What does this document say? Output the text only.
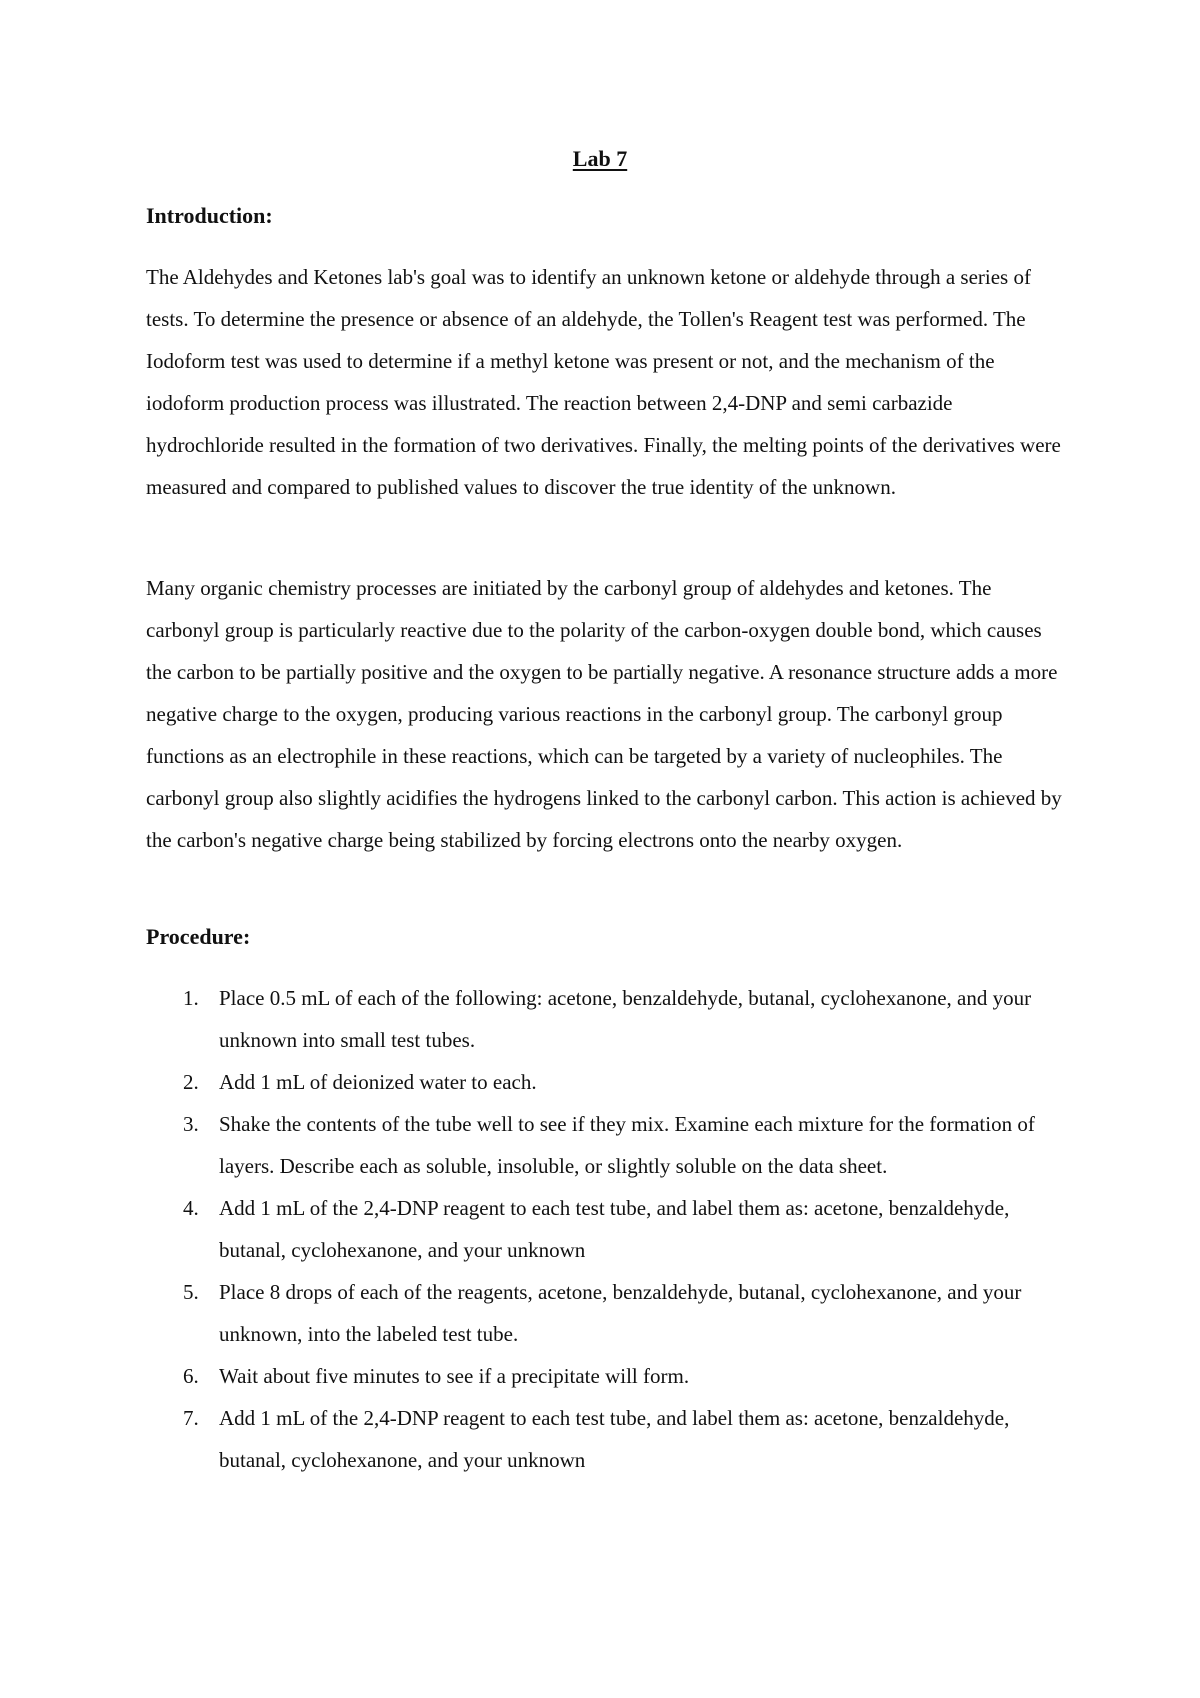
Lab 7
Introduction:

The Aldehydes and Ketones lab's goal was to identify an unknown ketone or aldehyde through a series of tests. To determine the presence or absence of an aldehyde, the Tollen's Reagent test was performed. The Iodoform test was used to determine if a methyl ketone was present or not, and the mechanism of the iodoform production process was illustrated. The reaction between 2,4-DNP and semi carbazide hydrochloride resulted in the formation of two derivatives. Finally, the melting points of the derivatives were measured and compared to published values to discover the true identity of the unknown.

Many organic chemistry processes are initiated by the carbonyl group of aldehydes and ketones. The carbonyl group is particularly reactive due to the polarity of the carbon-oxygen double bond, which causes the carbon to be partially positive and the oxygen to be partially negative. A resonance structure adds a more negative charge to the oxygen, producing various reactions in the carbonyl group. The carbonyl group functions as an electrophile in these reactions, which can be targeted by a variety of nucleophiles. The carbonyl group also slightly acidifies the hydrogens linked to the carbonyl carbon. This action is achieved by the carbon's negative charge being stabilized by forcing electrons onto the nearby oxygen.

Procedure:
1. Place 0.5 mL of each of the following: acetone, benzaldehyde, butanal, cyclohexanone, and your unknown into small test tubes.
2. Add 1 mL of deionized water to each.
3. Shake the contents of the tube well to see if they mix. Examine each mixture for the formation of layers. Describe each as soluble, insoluble, or slightly soluble on the data sheet.
4. Add 1 mL of the 2,4-DNP reagent to each test tube, and label them as: acetone, benzaldehyde, butanal, cyclohexanone, and your unknown
5. Place 8 drops of each of the reagents, acetone, benzaldehyde, butanal, cyclohexanone, and your unknown, into the labeled test tube.
6. Wait about five minutes to see if a precipitate will form.
7. Add 1 mL of the 2,4-DNP reagent to each test tube, and label them as: acetone, benzaldehyde, butanal, cyclohexanone, and your unknown
